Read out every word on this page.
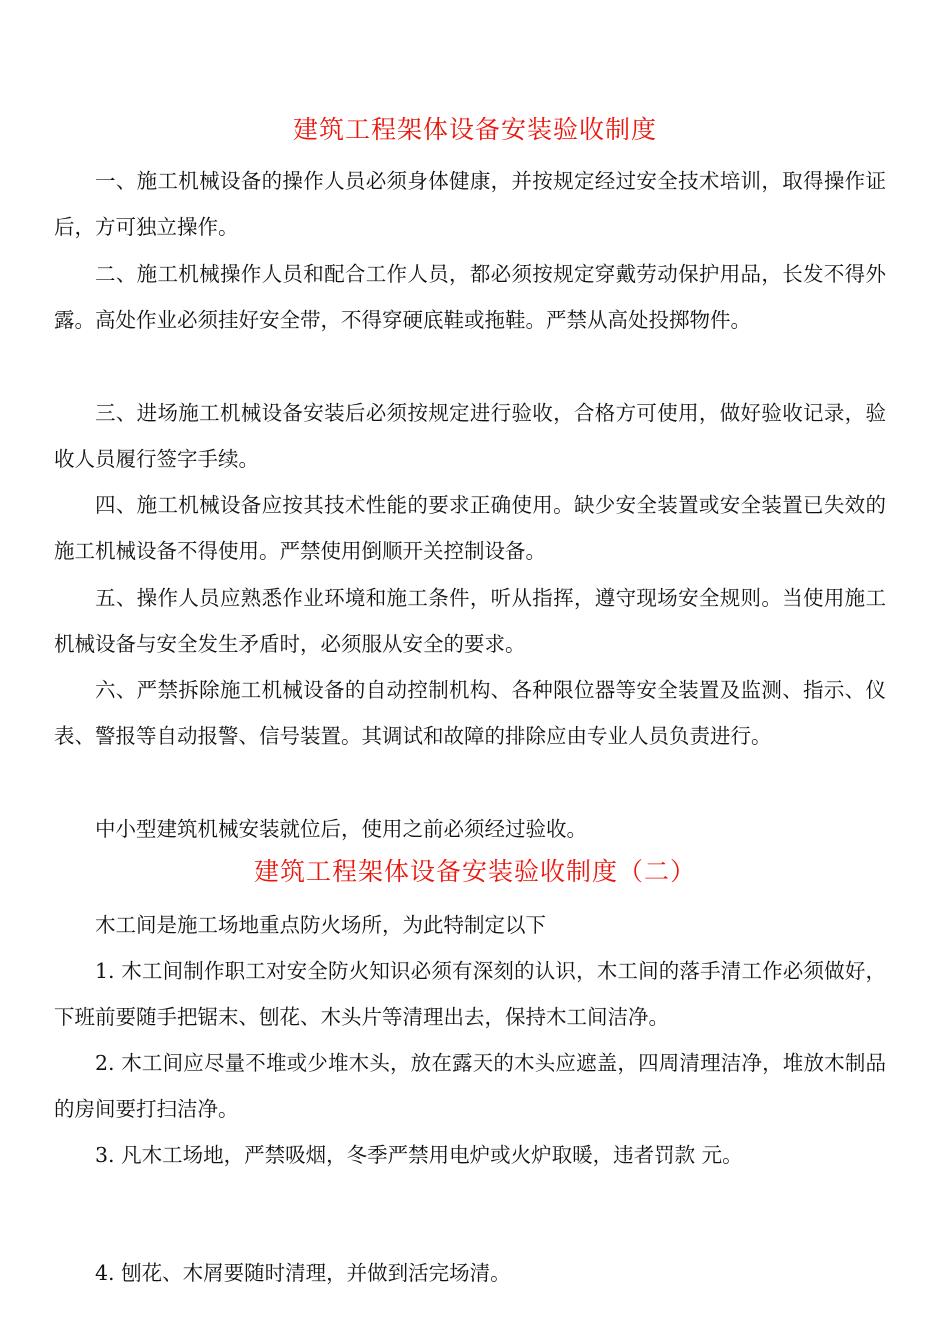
建筑工程架体设备安装验收制度

一、施工机械设备的操作人员必须身体健康，并按规定经过安全技术培训，取得操作证后，方可独立操作。

二、施工机械操作人员和配合工作人员，都必须按规定穿戴劳动保护用品，长发不得外露。高处作业必须挂好安全带，不得穿硬底鞋或拖鞋。严禁从高处投掷物件。

三、进场施工机械设备安装后必须按规定进行验收，合格方可使用，做好验收记录，验收人员履行签字手续。

四、施工机械设备应按其技术性能的要求正确使用。缺少安全装置或安全装置已失效的施工机械设备不得使用。严禁使用倒顺开关控制设备。

五、操作人员应熟悉作业环境和施工条件，听从指挥，遵守现场安全规则。当使用施工机械设备与安全发生矛盾时，必须服从安全的要求。

六、严禁拆除施工机械设备的自动控制机构、各种限位器等安全装置及监测、指示、仪表、警报等自动报警、信号装置。其调试和故障的排除应由专业人员负责进行。

中小型建筑机械安装就位后，使用之前必须经过验收。

建筑工程架体设备安装验收制度（二）

木工间是施工场地重点防火场所，为此特制定以下

1. 木工间制作职工对安全防火知识必须有深刻的认识，木工间的落手清工作必须做好，下班前要随手把锯末、刨花、木头片等清理出去，保持木工间洁净。

2. 木工间应尽量不堆或少堆木头，放在露天的木头应遮盖，四周清理洁净，堆放木制品的房间要打扫洁净。

3. 凡木工场地，严禁吸烟，冬季严禁用电炉或火炉取暖，违者罚款 元。

4. 刨花、木屑要随时清理，并做到活完场清。
